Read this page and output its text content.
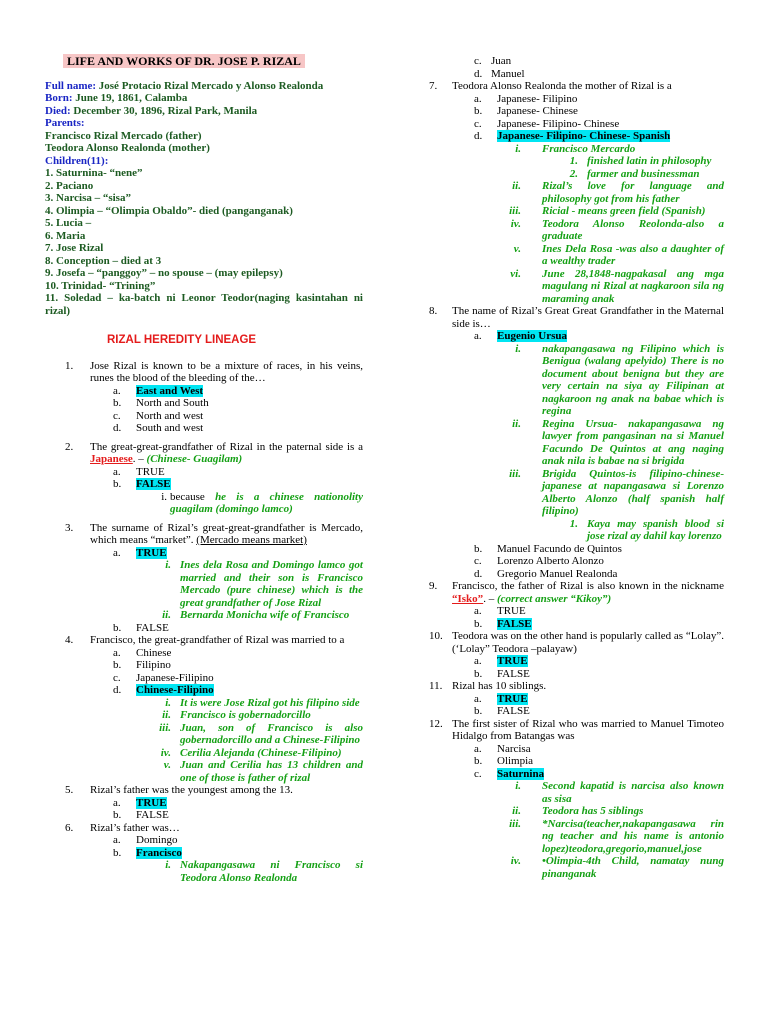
LIFE AND WORKS OF DR. JOSE P. RIZAL

Full name: José Protacio Rizal Mercado y Alonso Realonda

Born: June 19, 1861, Calamba

Died: December 30, 1896, Rizal Park, Manila

Parents:

Francisco Rizal Mercado (father)

Teodora Alonso Realonda (mother)

Children(11):

1. Saturnina- “nene”

2. Paciano

3. Narcisa – “sisa”

4. Olimpia – “Olimpia Obaldo”- died (panganganak)

5. Lucia –

6. Maria

7. Jose Rizal

8. Conception – died at 3

9. Josefa – “panggoy” – no spouse – (may epilepsy)

10. Trinidad- “Trining”

11. Soledad – ka-batch ni Leonor Teodor(naging kasintahan ni rizal)

RIZAL HEREDITY LINEAGE
1. Jose Rizal is known to be a mixture of races, in his veins, runes the blood of the bleeding of the…
a. East and West
b. North and South
c. North and west
d. South and west
2. The great-great-grandfather of Rizal in the paternal side is a Japanese. – (Chinese- Guagilam)
a. TRUE
b. FALSE
i. because he is a chinese nationolity guagilam (domingo lamco)
3. The surname of Rizal’s great-great-grandfather is Mercado, which means “market”. (Mercado means market)
a. TRUE
i. Ines dela Rosa and Domingo lamco got married and their son is Francisco Mercado (pure chinese) which is the great grandfather of Jose Rizal
ii. Bernarda Monicha wife of Francisco
b. FALSE
4. Francisco, the great-grandfather of Rizal was married to a
a. Chinese
b. Filipino
c. Japanese-Filipino
d. Chinese-Filipino
i. It is were Jose Rizal got his filipino side
ii. Francisco is gobernadorcillo
iii. Juan, son of Francisco is also gobernadorcillo and a Chinese-Filipino
iv. Cerilia Alejanda (Chinese-Filipino)
v. Juan and Cerilia has 13 children and one of those is father of rizal
5. Rizal’s father was the youngest among the 13.
a. TRUE
b. FALSE
6. Rizal’s father was…
a. Domingo
b. Francisco
i. Nakapangasawa ni Francisco si Teodora Alonso Realonda
c. Juan
d. Manuel
7. Teodora Alonso Realonda the mother of Rizal is a
a. Japanese- Filipino
b. Japanese- Chinese
c. Japanese- Filipino- Chinese
d. Japanese- Filipino- Chinese- Spanish
i. Francisco Mercardo
1. finished latin in philosophy
2. farmer and businessman
ii. Rizal’s love for language and philosophy got from his father
iii. Ricial - means green field (Spanish)
iv. Teodora Alonso Reolonda-also a graduate
v. Ines Dela Rosa -was also a daughter of a wealthy trader
vi. June 28,1848-nagpakasal ang mga magulang ni Rizal at nagkaroon sila ng maraming anak
8. The name of Rizal’s Great Great Grandfather in the Maternal side is…
a. Eugenio Ursua
i. nakapangasawa ng Filipino which is Benigua (walang apelyido) There is no document about benigna but they are very certain na siya ay Filipinan at nagkaroon ng anak na babae which is regina
ii. Regina Ursua- nakapangasawa ng lawyer from pangasinan na si Manuel Facundo De Quintos at ang naging anak nila is babae na si brigida
iii. Brigida Quintos-is filipino-chinese-japanese at napangasawa si Lorenzo Alberto Alonzo (half spanish half filipino)
1. Kaya may spanish blood si jose rizal ay dahil kay lorenzo
b. Manuel Facundo de Quintos
c. Lorenzo Alberto Alonzo
d. Gregorio Manuel Realonda
9. Francisco, the father of Rizal is also known in the nickname “Isko”. – (correct answer “Kikoy”)
a. TRUE
b. FALSE
10. Teodora was on the other hand is popularly called as “Lolay”. (‘Lolay” Teodora –palayaw)
a. TRUE
b. FALSE
11. Rizal has 10 siblings.
a. TRUE
b. FALSE
12. The first sister of Rizal who was married to Manuel Timoteo Hidalgo from Batangas was
a. Narcisa
b. Olimpia
c. Saturnina
i. Second kapatid is narcisa also known as sisa
ii. Teodora has 5 siblings
iii. *Narcisa(teacher,nakapangasawa rin ng teacher and his name is antonio lopez)teodora,gregorio,manuel,jose
iv. •Olimpia-4th Child, namatay nung pinanganak
